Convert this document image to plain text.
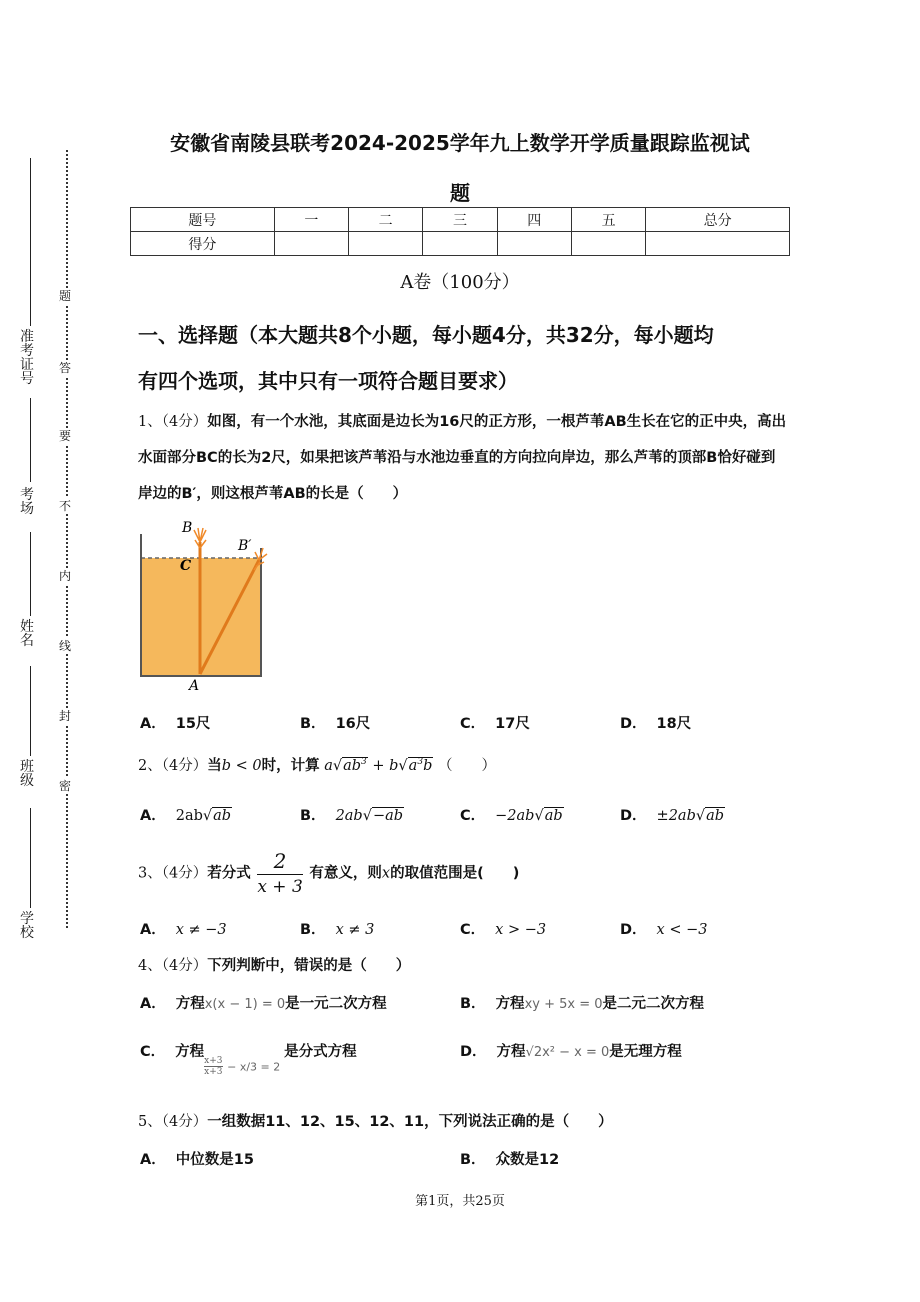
准考证号
考场
姓名
班级
学校
题
答
要
不
内
线
封
密
安徽省南陵县联考2024-2025学年九上数学开学质量跟踪监视试
题
题号	一	二	三	四	五	总分
得分						
A卷（100分）
一、选择题（本大题共8个小题，每小题4分，共32分，每小题均
有四个选项，其中只有一项符合题目要求）
1、（4分）如图，有一个水池，其底面是边长为16尺的正方形，一根芦苇AB生长在它的正中央，高出水面部分BC的长为2尺，如果把该芦苇沿与水池边垂直的方向拉向岸边，那么芦苇的顶部B恰好碰到岸边的B′，则这根芦苇AB的长是（　　）
B
B′
C
A
A． 15尺	B． 16尺	C． 17尺	D． 18尺
2、（4分）当b < 0时，计算 $a√ab^3 + b√a^3b$ （　　）
A． 2ab√ab	B． 2ab√−ab	C． −2ab√ab	D． ±2ab√ab
3、（4分）若分式 $\frac{2}{x + 3}$ 有意义，则x的取值范围是(　　)
A． x ≠ −3	B． x ≠ 3	C． x > −3	D． x < −3
4、（4分）下列判断中，错误的是（　　）
A． 方程x(x − 1) = 0是一元二次方程	B． 方程xy + 5x = 0是二元二次方程
C． 方程
$\frac{x+3}{x+3} - x/3 = 2$是分式方程	D． 方程√2x² − x = 0是无理方程
5、（4分）一组数据11、12、15、12、11，下列说法正确的是（　　）
A． 中位数是15	B． 众数是12
第1页，共25页
